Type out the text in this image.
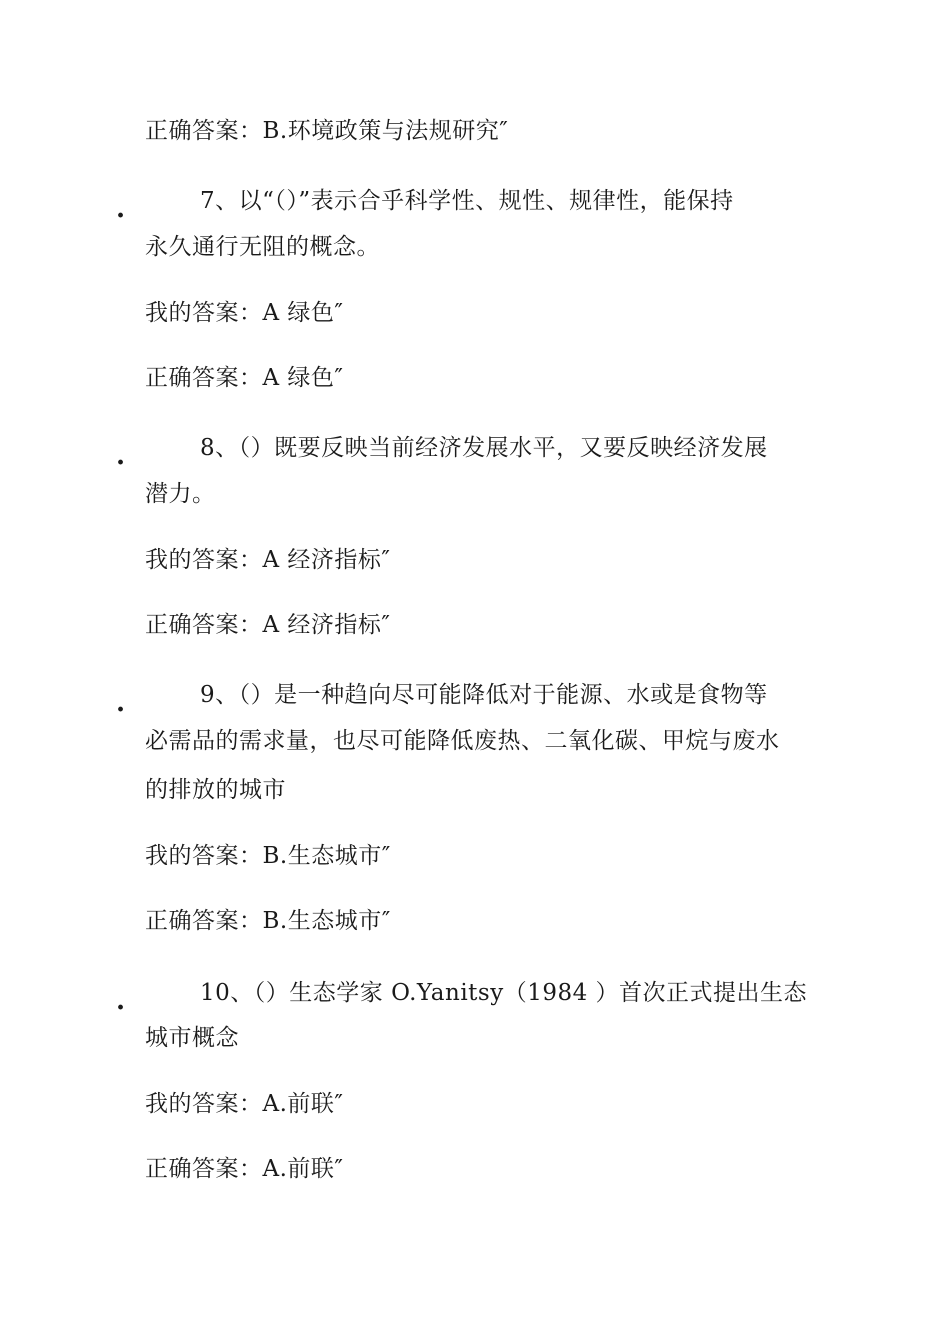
正确答案：B.环境政策与法规研究″
.	7、以“（）”表示合乎科学性、规性、规律性，能保持
永久通行无阻的概念。
我的答案：A 绿色″
正确答案：A 绿色″
.	8、（）既要反映当前经济发展水平，又要反映经济发展
潜力。
我的答案：A 经济指标″
正确答案：A 经济指标″
.	9、（）是一种趋向尽可能降低对于能源、水或是食物等
必需品的需求量，也尽可能降低废热、二氧化碳、甲烷与废水
的排放的城市
我的答案：B.生态城市″
正确答案：B.生态城市″
.	10、（）生态学家 O.Yanitsy（1984 ）首次正式提出生态
城市概念
我的答案：A.前联″
正确答案：A.前联″
